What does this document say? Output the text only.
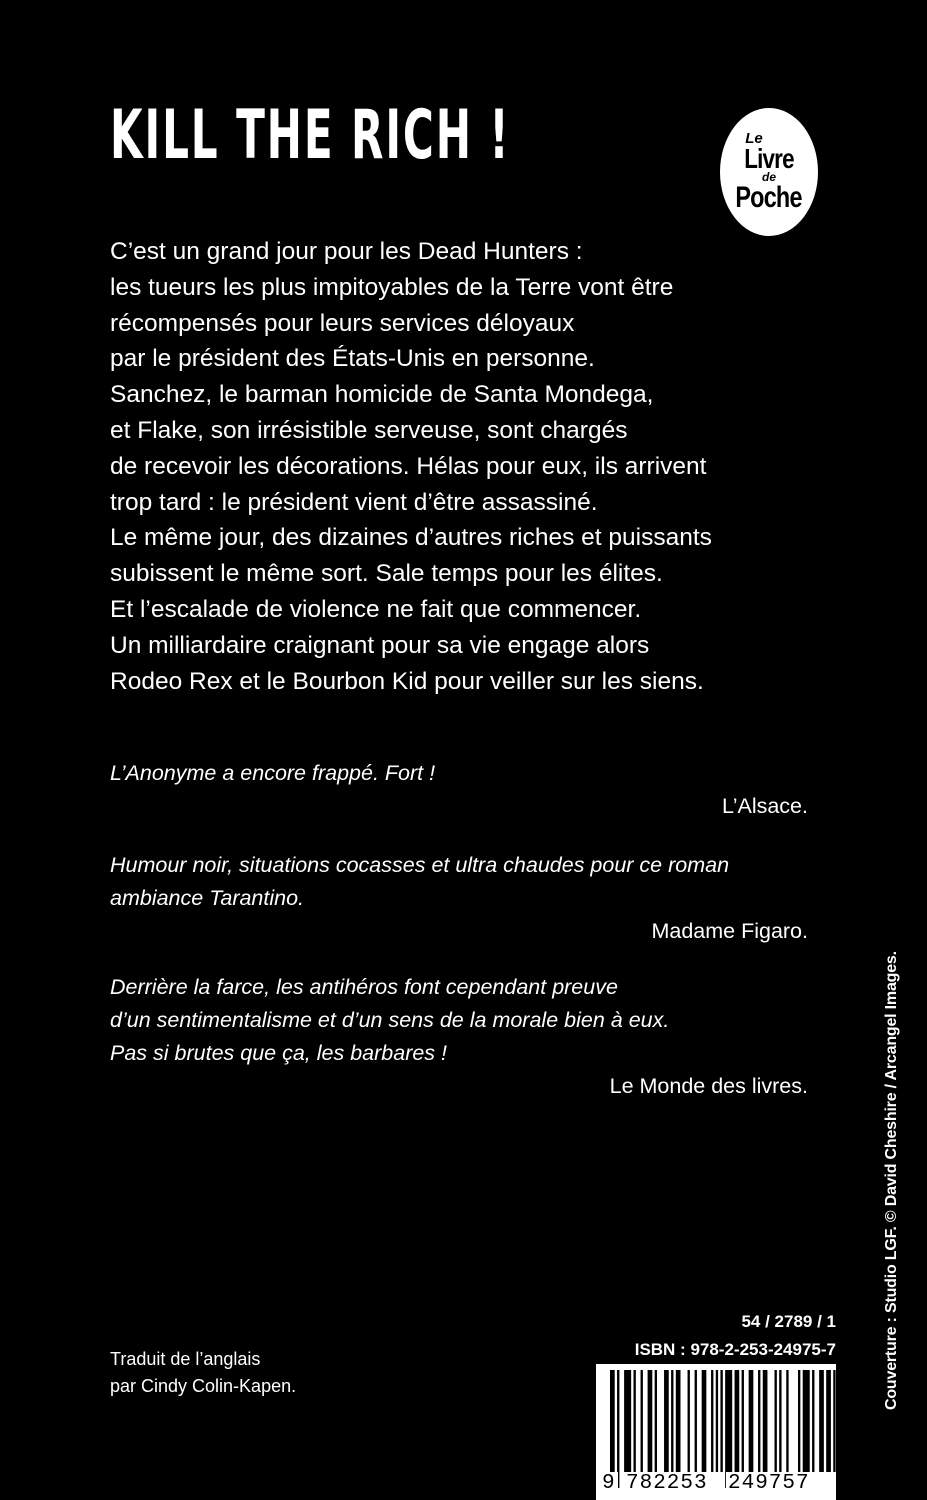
KILL THE RICH !	Le
Livre
de
Poche
C’est un grand jour pour les Dead Hunters :
les tueurs les plus impitoyables de la Terre vont être
récompensés pour leurs services déloyaux
par le président des États-Unis en personne.
Sanchez, le barman homicide de Santa Mondega,
et Flake, son irrésistible serveuse, sont chargés
de recevoir les décorations. Hélas pour eux, ils arrivent
trop tard : le président vient d’être assassiné.
Le même jour, des dizaines d’autres riches et puissants
subissent le même sort. Sale temps pour les élites.
Et l’escalade de violence ne fait que commencer.
Un milliardaire craignant pour sa vie engage alors
Rodeo Rex et le Bourbon Kid pour veiller sur les siens.
L’Anonyme a encore frappé. Fort !
L’Alsace.
Humour noir, situations cocasses et ultra chaudes pour ce roman
ambiance Tarantino.
Madame Figaro.
Derrière la farce, les antihéros font cependant preuve
d’un sentimentalisme et d’un sens de la morale bien à eux.
Pas si brutes que ça, les barbares !
Le Monde des livres.	Couverture : Studio LGF. © David Cheshire / Arcangel Images.
Traduit de l’anglais
par Cindy Colin-Kapen.
54 / 2789 / 1
ISBN : 978-2-253-24975-7
9 782253 249757
